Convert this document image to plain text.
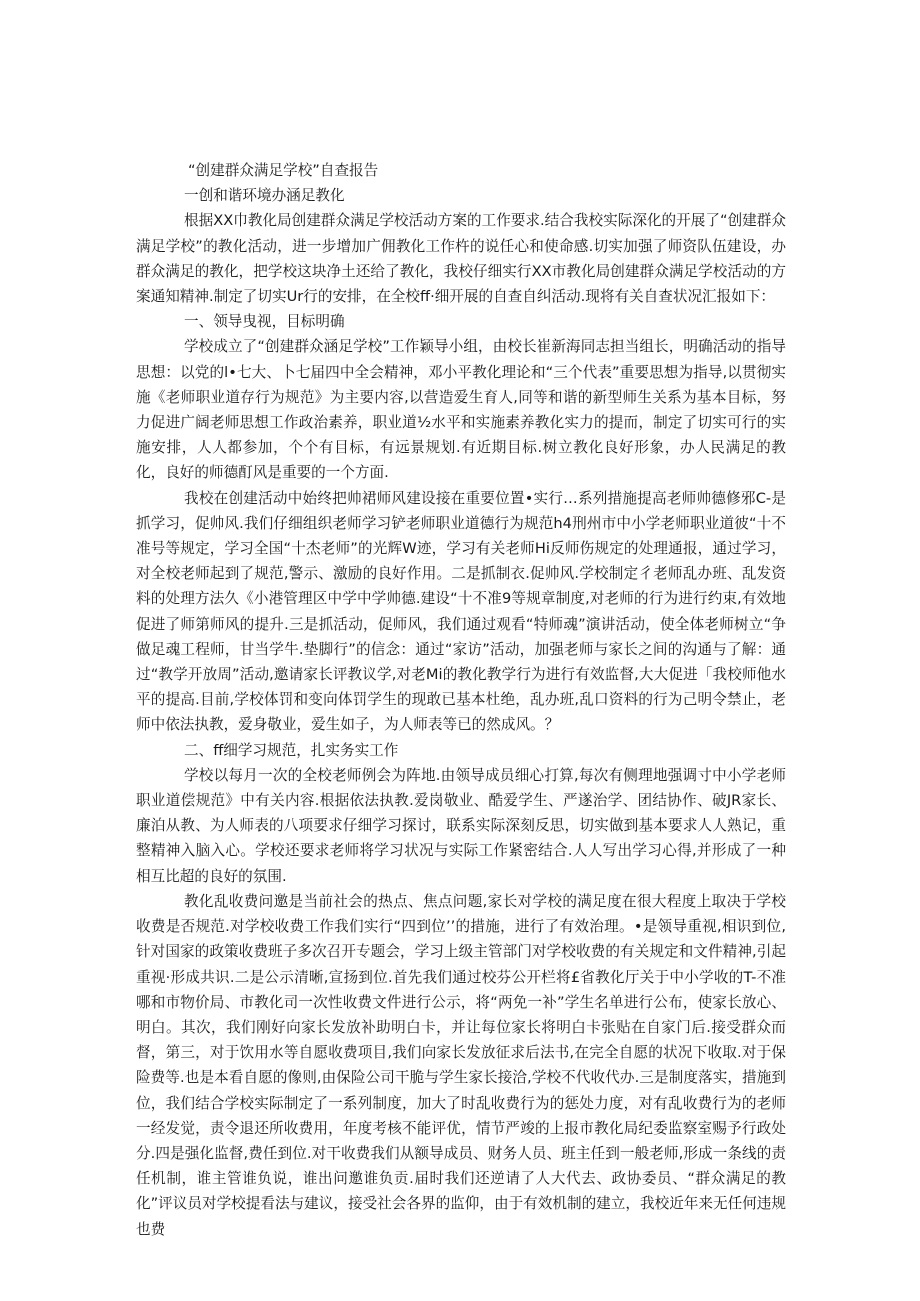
“创建群众满足学校”自查报告

一创和谐环境办涵足教化

根据XX巾教化局创建群众满足学校活动方案的工作要求.结合我校实际深化的开展了“创建群众满足学校”的教化活动，进一步增加广佣教化工作杵的说任心和使命感.切实加强了师资队伍建设，办群众满足的教化，把学校这块净土还给了教化，我校仔细实行XX市教化局创建群众满足学校活动的方案通知精神.制定了切实Ur行的安排，在全校ff·细开展的自查自纠活动.现将有关自查状况汇报如下：

一、领导曳视，目标明确

学校成立了“创建群众涵足学校”工作颖导小组，由校长崔新海同志担当组长，明确活动的指导思想：以党的l•七大、卜七届四中全会精神，邓小平教化理论和“三个代表”重要思想为指导,以贯彻实施《老师职业道存行为规范》为主要内容,以营造爱生育人,同等和谐的新型师生关系为基本目标，努力促进广阔老师思想工作政治素养，职业道½水平和实施素养教化实力的提而，制定了切实可行的实施安排，人人都参加，个个有目标，有远景规划.有近期目标.树立教化良好形象，办人民满足的教化，良好的师德酊风是重要的一个方面.

我校在创建活动中始终把帅裙师风建设接在重要位置•实行…系列措施提高老师帅德修邪C-是抓学习，促帅风.我们仔细组织老师学习铲老师职业道德行为规范h4刑州市中小学老师职业道彼“十不准号等规定，学习全国“十杰老师”的光辉W迹，学习有关老师Hi反师伤规定的处理通报，通过学习，对全校老师起到了规范,警示、激励的良好作用。二是抓制衣.促帅风.学校制定彳老师乱办班、乱发资料的处理方法久《小港管理区中学中学帅德.建设“十不准9等规章制度,对老师的行为进行约束,有效地促进了师第师风的提升.三是抓活动，促师风，我们通过观看“特师魂”演讲活动，使全体老师树立“争做足魂工程师，甘当学牛.垫脚行”的信念：通过“家访”活动，加强老师与家长之间的沟通与了解：通过“教学开放周”活动,邀请家长评教议学,对老Mi的教化教学行为进行有效监督,大大促进「我校师他水平的提高.目前,学校体罚和变向体罚学生的现敢已基本杜绝，乱办班,乱口资料的行为己明令禁止，老师中依法执教，爱身敬业，爱生如子，为人师表等已的然成风。？

二、ff细学习规范，扎实务实工作

学校以每月一次的全校老师例会为阵地.由领导成员细心打算,每次有侧理地强调寸中小学老师职业道偿规范》中有关内容.根据依法执教.爱岗敬业、酷爱学生、严遂治学、团结协作、破JR家长、廉泊从教、为人师表的八项要求仔细学习探讨，联系实际深刻反思，切实做到基本要求人人熟记，重整精神入脑入心。学校还要求老师将学习状况与实际工作紧密结合.人人写出学习心得,并形成了一种相互比超的良好的氛围.

教化乱收费问邀是当前社会的热点、焦点问题,家长对学校的满足度在很大程度上取决于学校收费是否规范.对学校收费工作我们实行“四到位’’的措施，进行了有效治理。•是领导重视,相识到位,针对国家的政策收费班子多次召开专题会，学习上级主管部门对学校收费的有关规定和文件精神,引起重视·形成共识.二是公示清晰,宣扬到位.首先我们通过校芬公开栏将£省教化厅关于中小学收的T-不准哪和市物价局、市教化司一次性收费文件进行公示，将“两免一补”学生名单进行公布，使家长放心、明白。其次，我们刚好向家长发放补助明白卡，并让每位家长将明白卡张贴在自家门后.接受群众而督，第三，对于饮用水等自愿收费项目,我们向家长发放征求后法书,在完全自愿的状况下收取.对于保险费等.也是本看自愿的像则,由保险公司干脆与学生家长接洽,学校不代收代办.三是制度落实，措施到位，我们结合学校实际制定了一系列制度，加大了时乱收费行为的惩处力度，对有乱收费行为的老师一经发觉，责令退还所收费用，年度考核不能评优，情节严竣的上报市教化局纪委监察室赐予行政处分.四是强化监督,费任到位.对干收费我们从额导成员、财务人员、班主任到一般老师,形成一条线的责任机制，谁主管谁负说，谁出问邀谁负贡.届时我们还逆请了人大代去、政协委员、“群众满足的教化”评议员对学校提看法与建议，接受社会各界的监仰，由于有效机制的建立，我校近年来无任何违规也费
